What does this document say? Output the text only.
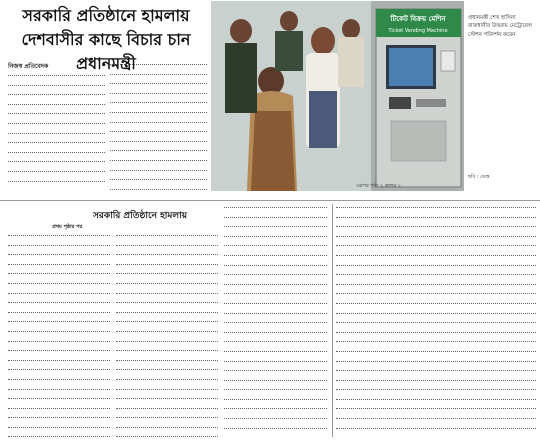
সরকারি প্রতিষ্ঠানে হামলায় দেশবাসীর কাছে বিচার চান প্রধানমন্ত্রী
নিজস্ব প্রতিবেদক
টিকেট বিক্রয় মেশিন
Ticket Vending Machine
প্রধানমন্ত্রী শেখ হাসিনা রাজধানীর উত্তরায় মেট্রোরেল স্টেশন পরিদর্শন করেন
ছবি : ডেস্ক
এরপর পৃষ্ঠা ২ কলাম ২
সরকারি প্রতিষ্ঠানে হামলায়
প্রথম পৃষ্ঠার পর
